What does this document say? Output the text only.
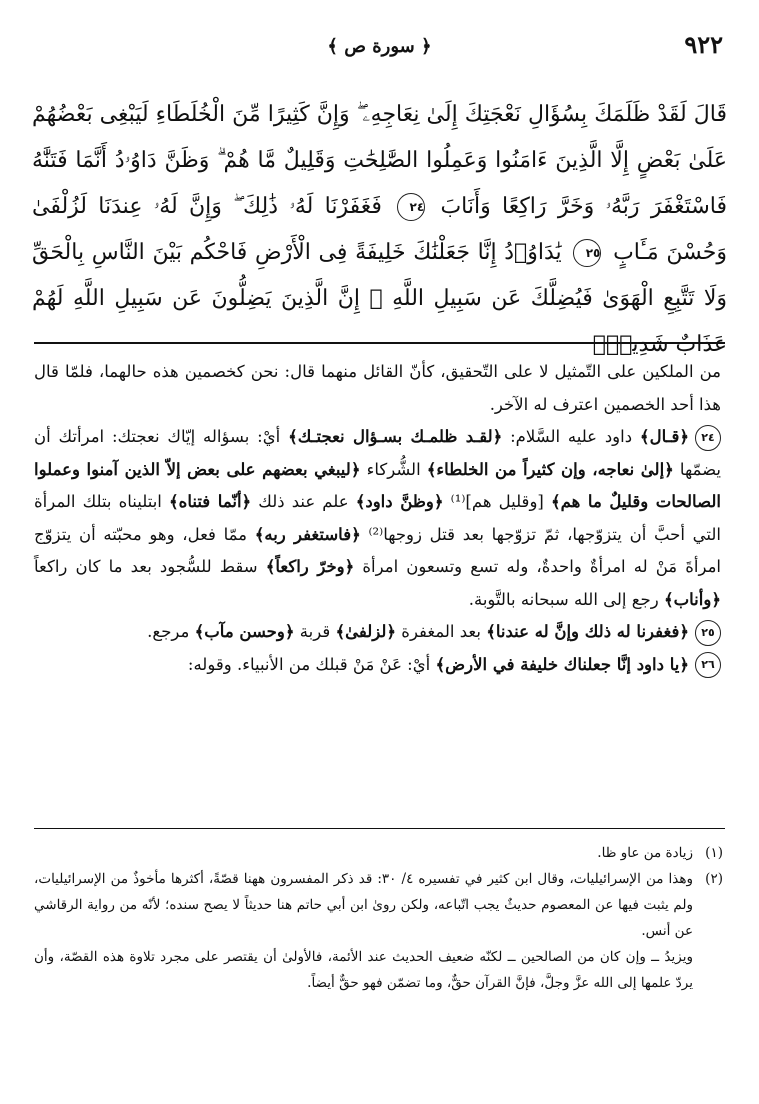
٩٢٢
﴿ سورة ص ﴾
قَالَ لَقَدْ ظَلَمَكَ بِسُؤَالِ نَعْجَتِكَ إِلَىٰ نِعَاجِهِۦ ۖ وَإِنَّ كَثِيرًا مِّنَ الْخُلَطَاءِ لَيَبْغِى بَعْضُهُمْ عَلَىٰ بَعْضٍ إِلَّا الَّذِينَ ءَامَنُوا وَعَمِلُوا الصَّٰلِحَٰتِ وَقَلِيلٌ مَّا هُمْ ۗ وَظَنَّ دَاوُۥدُ أَنَّمَا فَتَنَّٰهُ فَاسْتَغْفَرَ رَبَّهُۥ وَخَرَّ رَاكِعًا وَأَنَابَ ٢٤ فَغَفَرْنَا لَهُۥ ذَٰلِكَ ۖ وَإِنَّ لَهُۥ عِندَنَا لَزُلْفَىٰ وَحُسْنَ مَـَٔابٍ ٢٥ يَٰدَاوُۥدُ إِنَّا جَعَلْنَٰكَ خَلِيفَةً فِى الْأَرْضِ فَاحْكُم بَيْنَ النَّاسِ بِالْحَقِّ وَلَا تَتَّبِعِ الْهَوَىٰ فَيُضِلَّكَ عَن سَبِيلِ اللَّهِ ۚ إِنَّ الَّذِينَ يَضِلُّونَ عَن سَبِيلِ اللَّهِ لَهُمْ عَذَابٌ شَدِيدٌۢ

من الملكين على التّمثيل لا على التّحقيق، كأنّ القائل منهما قال: نحن كخصمين هذه حالهما، فلمّا قال هذا أحد الخصمين اعترف له الآخر.

٢٤﴿قـال﴾ داود عليه السَّلام: ﴿لقـد ظلمـك بسـؤال نعجتـك﴾ أيْ: بسؤاله إيّاك نعجتك: امرأتك أن يضمّها ﴿إلىٰ نعاجه، وإن كثيراً من الخلطاء﴾ الشُّركاء ﴿ليبغي بعضهم على بعض إلاّ الذين آمنوا وعملوا الصالحات وقليلٌ ما هم﴾ [وقليل هم]⁽¹⁾ ﴿وظنَّ داود﴾ علم عند ذلك ﴿أنّما فتناه﴾ ابتليناه بتلك المرأة التي أحبَّ أن يتزوّجها، ثمّ تزوّجها بعد قتل زوجها⁽²⁾ ﴿فاستغفر ربه﴾ ممّا فعل، وهو محبّته أن يتزوّج امرأةَ مَنْ له امرأةٌ واحدةٌ، وله تسع وتسعون امرأة ﴿وخرّ راكعاً﴾ سقط للسُّجود بعد ما كان راكعاً ﴿وأناب﴾ رجع إلى الله سبحانه بالتَّوبة.

٢٥﴿فغفرنا له ذلك وإنَّ له عندنا﴾ بعد المغفرة ﴿لزلفىٰ﴾ قربة ﴿وحسن مآب﴾ مرجع.

٢٦﴿يا داود إنَّا جعلناك خليفة في الأرض﴾ أيْ: عَنْ مَنْ قبلك من الأنبياء. وقوله:

(١)
زيادة من عاو ظا.
(٢)

وهذا من الإسرائيليات، وقال ابن كثير في تفسيره ٤/ ٣٠: قد ذكر المفسرون ههنا قصّةً، أكثرها مأخوذٌ من الإسرائيليات، ولم يثبت فيها عن المعصوم حديثٌ يجب اتّباعه، ولكن روىٰ ابن أبي حاتم هنا حديثاً لا يصح سنده؛ لأنّه من رواية الرقاشي عن أنس.

ويزيدُ ــ وإن كان من الصالحين ــ لكنّه ضعيف الحديث عند الأئمة، فالأولىٰ أن يقتصر على مجرد تلاوة هذه القصّة، وأن يردّ علمها إلى الله عزَّ وجلَّ، فإنَّ القرآن حقٌّ، وما تضمّن فهو حقٌّ أيضاً.
